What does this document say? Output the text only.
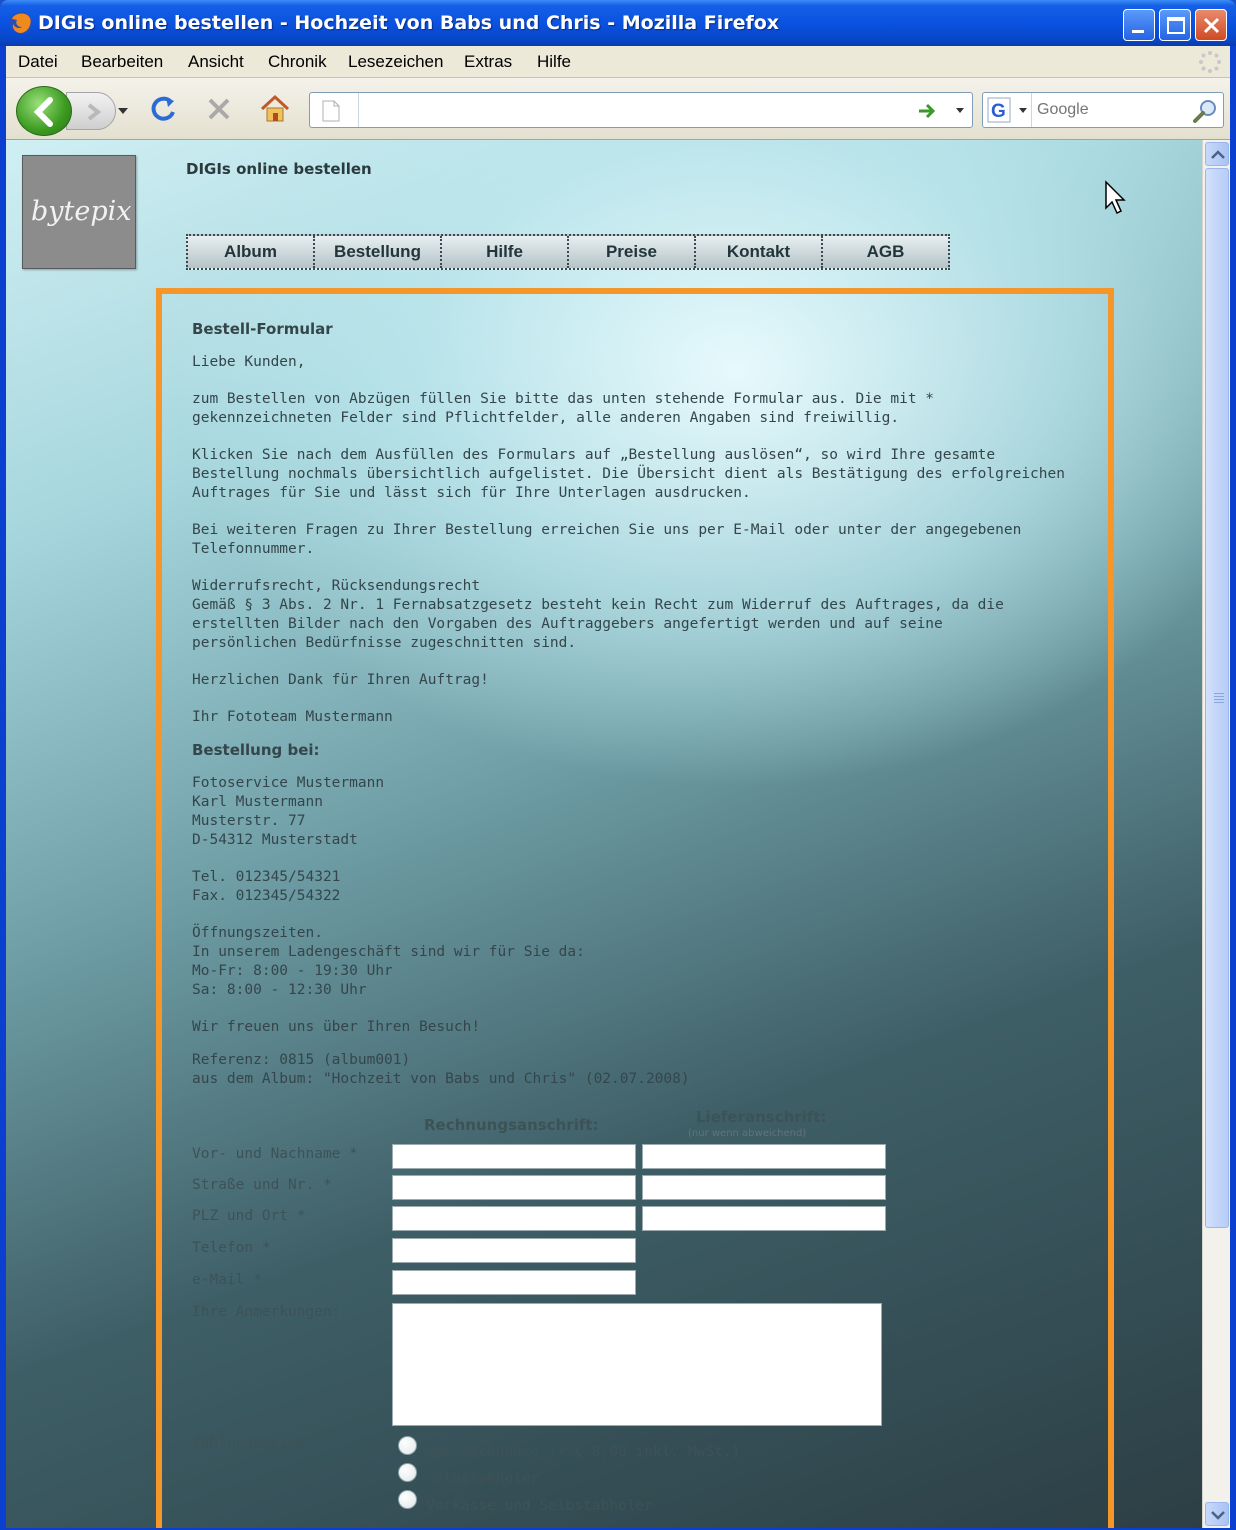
DIGIs online bestellen - Hochzeit von Babs und Chris - Mozilla Firefox
Datei Bearbeiten Ansicht Chronik Lesezeichen Extras Hilfe
G
Google
bytepix
DIGIs online bestellen
Album	Bestellung	Hilfe	Preise	Kontakt	AGB

Bestell-Formular

Liebe Kunden,

zum Bestellen von Abzügen füllen Sie bitte das unten stehende Formular aus. Die mit *
gekennzeichneten Felder sind Pflichtfelder, alle anderen Angaben sind freiwillig.

Klicken Sie nach dem Ausfüllen des Formulars auf „Bestellung auslösen“, so wird Ihre gesamte
Bestellung nochmals übersichtlich aufgelistet. Die Übersicht dient als Bestätigung des erfolgreichen
Auftrages für Sie und lässt sich für Ihre Unterlagen ausdrucken.

Bei weiteren Fragen zu Ihrer Bestellung erreichen Sie uns per E-Mail oder unter der angegebenen
Telefonnummer.

Widerrufsrecht, Rücksendungsrecht
Gemäß § 3 Abs. 2 Nr. 1 Fernabsatzgesetz besteht kein Recht zum Widerruf des Auftrages, da die
erstellten Bilder nach den Vorgaben des Auftraggebers angefertigt werden und auf seine
persönlichen Bedürfnisse zugeschnitten sind.

Herzlichen Dank für Ihren Auftrag!

Ihr Fototeam Mustermann

Bestellung bei:

Fotoservice Mustermann
Karl Mustermann
Musterstr. 77
D-54312 Musterstadt

Tel. 012345/54321
Fax. 012345/54322

Öffnungszeiten.
In unserem Ladengeschäft sind wir für Sie da:
Mo-Fr: 8:00 - 19:30 Uhr
Sa: 8:00 - 12:30 Uhr

Wir freuen uns über Ihren Besuch!

Referenz: 0815 (album001)
aus dem Album: "Hochzeit von Babs und Chris" (02.07.2008)

Rechnungsanschrift:	Lieferanschrift:
(nur wenn abweichend)
Vor- und Nachname *
Straße und Nr. *
PLZ und Ort *
Telefon *
e-Mail *
Ihre Anmerkungen:
Zahlungsweise: *
per Nachnahme (+ € 8,00 inkl. MwSt.)
Selbstabholer
Vorkasse und Selbstabholer
